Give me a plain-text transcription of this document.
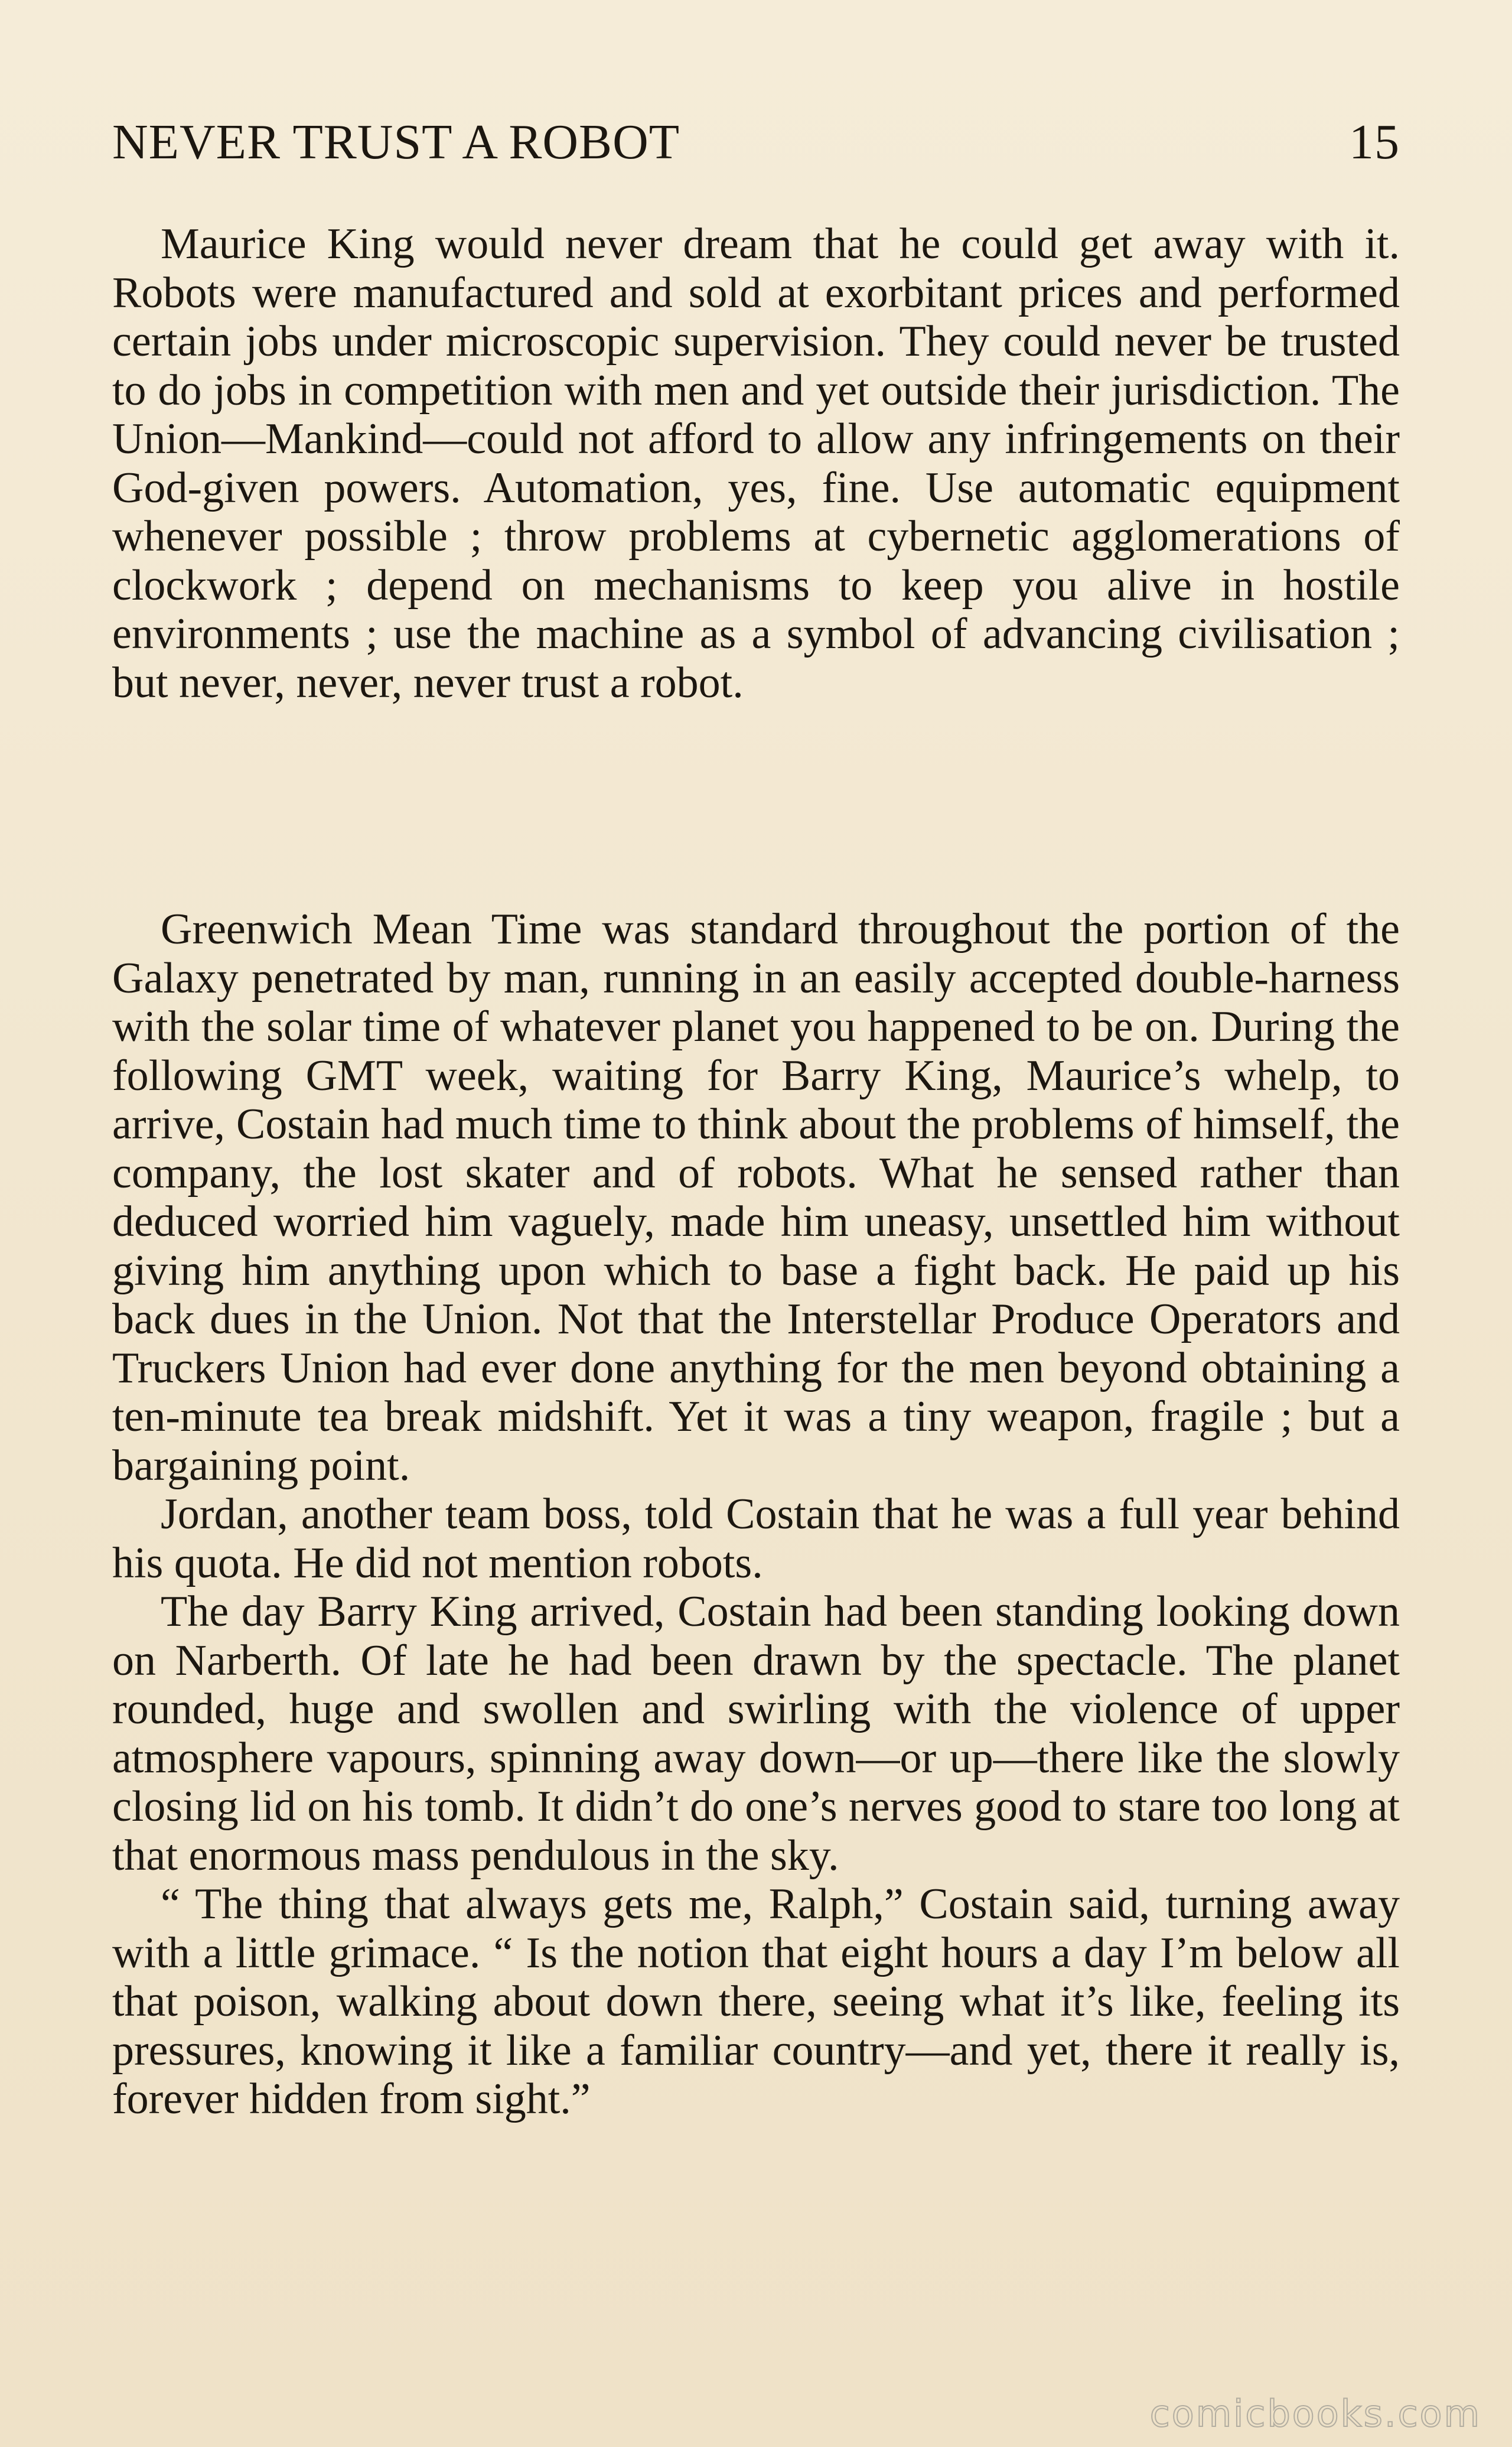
NEVER TRUST A ROBOT	15

Maurice King would never dream that he could get away with it. Robots were manufactured and sold at exorbitant prices and performed certain jobs under microscopic supervision. They could never be trusted to do jobs in competition with men and yet outside their jurisdiction. The Union—Mankind—could not afford to allow any infringements on their God-given powers. Automation, yes, fine. Use automatic equipment whenever possible ; throw problems at cybernetic agglomerations of clockwork ; depend on mechanisms to keep you alive in hostile environments ; use the machine as a symbol of advancing civilisation ; but never, never, never trust a robot.

Greenwich Mean Time was standard throughout the portion of the Galaxy penetrated by man, running in an easily accepted double-harness with the solar time of whatever planet you happened to be on. During the following GMT week, waiting for Barry King, Maurice’s whelp, to arrive, Costain had much time to think about the problems of himself, the company, the lost skater and of robots. What he sensed rather than deduced worried him vaguely, made him uneasy, unsettled him without giving him anything upon which to base a fight back. He paid up his back dues in the Union. Not that the Interstellar Produce Operators and Truckers Union had ever done anything for the men beyond obtaining a ten-minute tea break midshift. Yet it was a tiny weapon, fragile ; but a bargaining point.

Jordan, another team boss, told Costain that he was a full year behind his quota. He did not mention robots.

The day Barry King arrived, Costain had been standing looking down on Narberth. Of late he had been drawn by the spectacle. The planet rounded, huge and swollen and swirling with the violence of upper atmosphere vapours, spinning away down—or up—there like the slowly closing lid on his tomb. It didn’t do one’s nerves good to stare too long at that enormous mass pendulous in the sky.

“ The thing that always gets me, Ralph,” Costain said, turning away with a little grimace. “ Is the notion that eight hours a day I’m below all that poison, walking about down there, seeing what it’s like, feeling its pressures, knowing it like a familiar country—and yet, there it really is, forever hidden from sight.”

comicbooks.com
